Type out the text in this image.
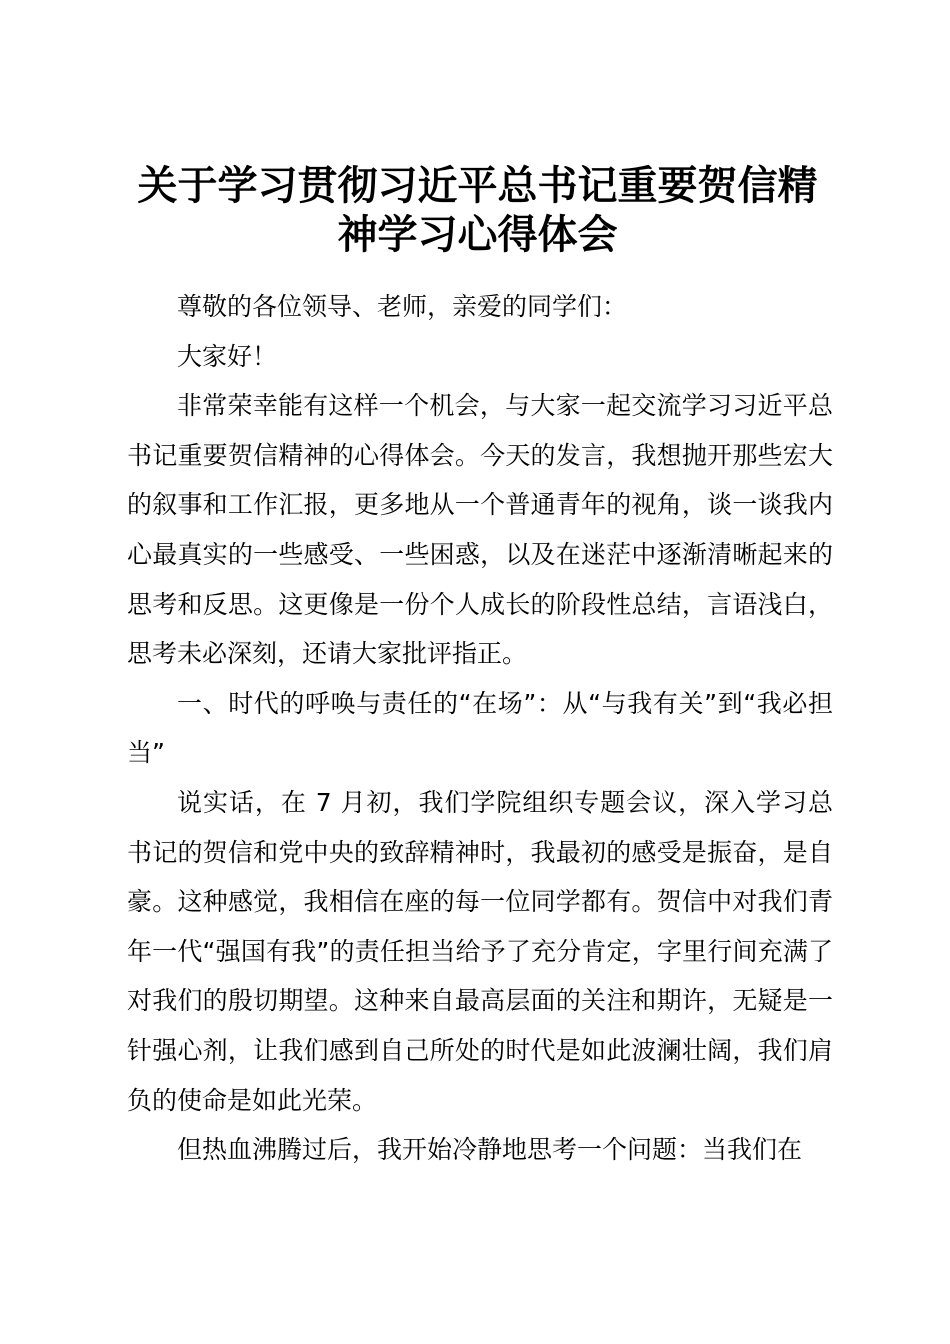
关于学习贯彻习近平总书记重要贺信精
神学习心得体会

尊敬的各位领导、老师，亲爱的同学们：

大家好！

非常荣幸能有这样一个机会，与大家一起交流学习习近平总书记重要贺信精神的心得体会。今天的发言，我想抛开那些宏大的叙事和工作汇报，更多地从一个普通青年的视角，谈一谈我内心最真实的一些感受、一些困惑，以及在迷茫中逐渐清晰起来的思考和反思。这更像是一份个人成长的阶段性总结，言语浅白，思考未必深刻，还请大家批评指正。

一、时代的呼唤与责任的“在场”：从“与我有关”到“我必担当”

说实话，在 7 月初，我们学院组织专题会议，深入学习总书记的贺信和党中央的致辞精神时，我最初的感受是振奋，是自豪。这种感觉，我相信在座的每一位同学都有。贺信中对我们青年一代“强国有我”的责任担当给予了充分肯定，字里行间充满了对我们的殷切期望。这种来自最高层面的关注和期许，无疑是一针强心剂，让我们感到自己所处的时代是如此波澜壮阔，我们肩负的使命是如此光荣。

但热血沸腾过后，我开始冷静地思考一个问题：当我们在
